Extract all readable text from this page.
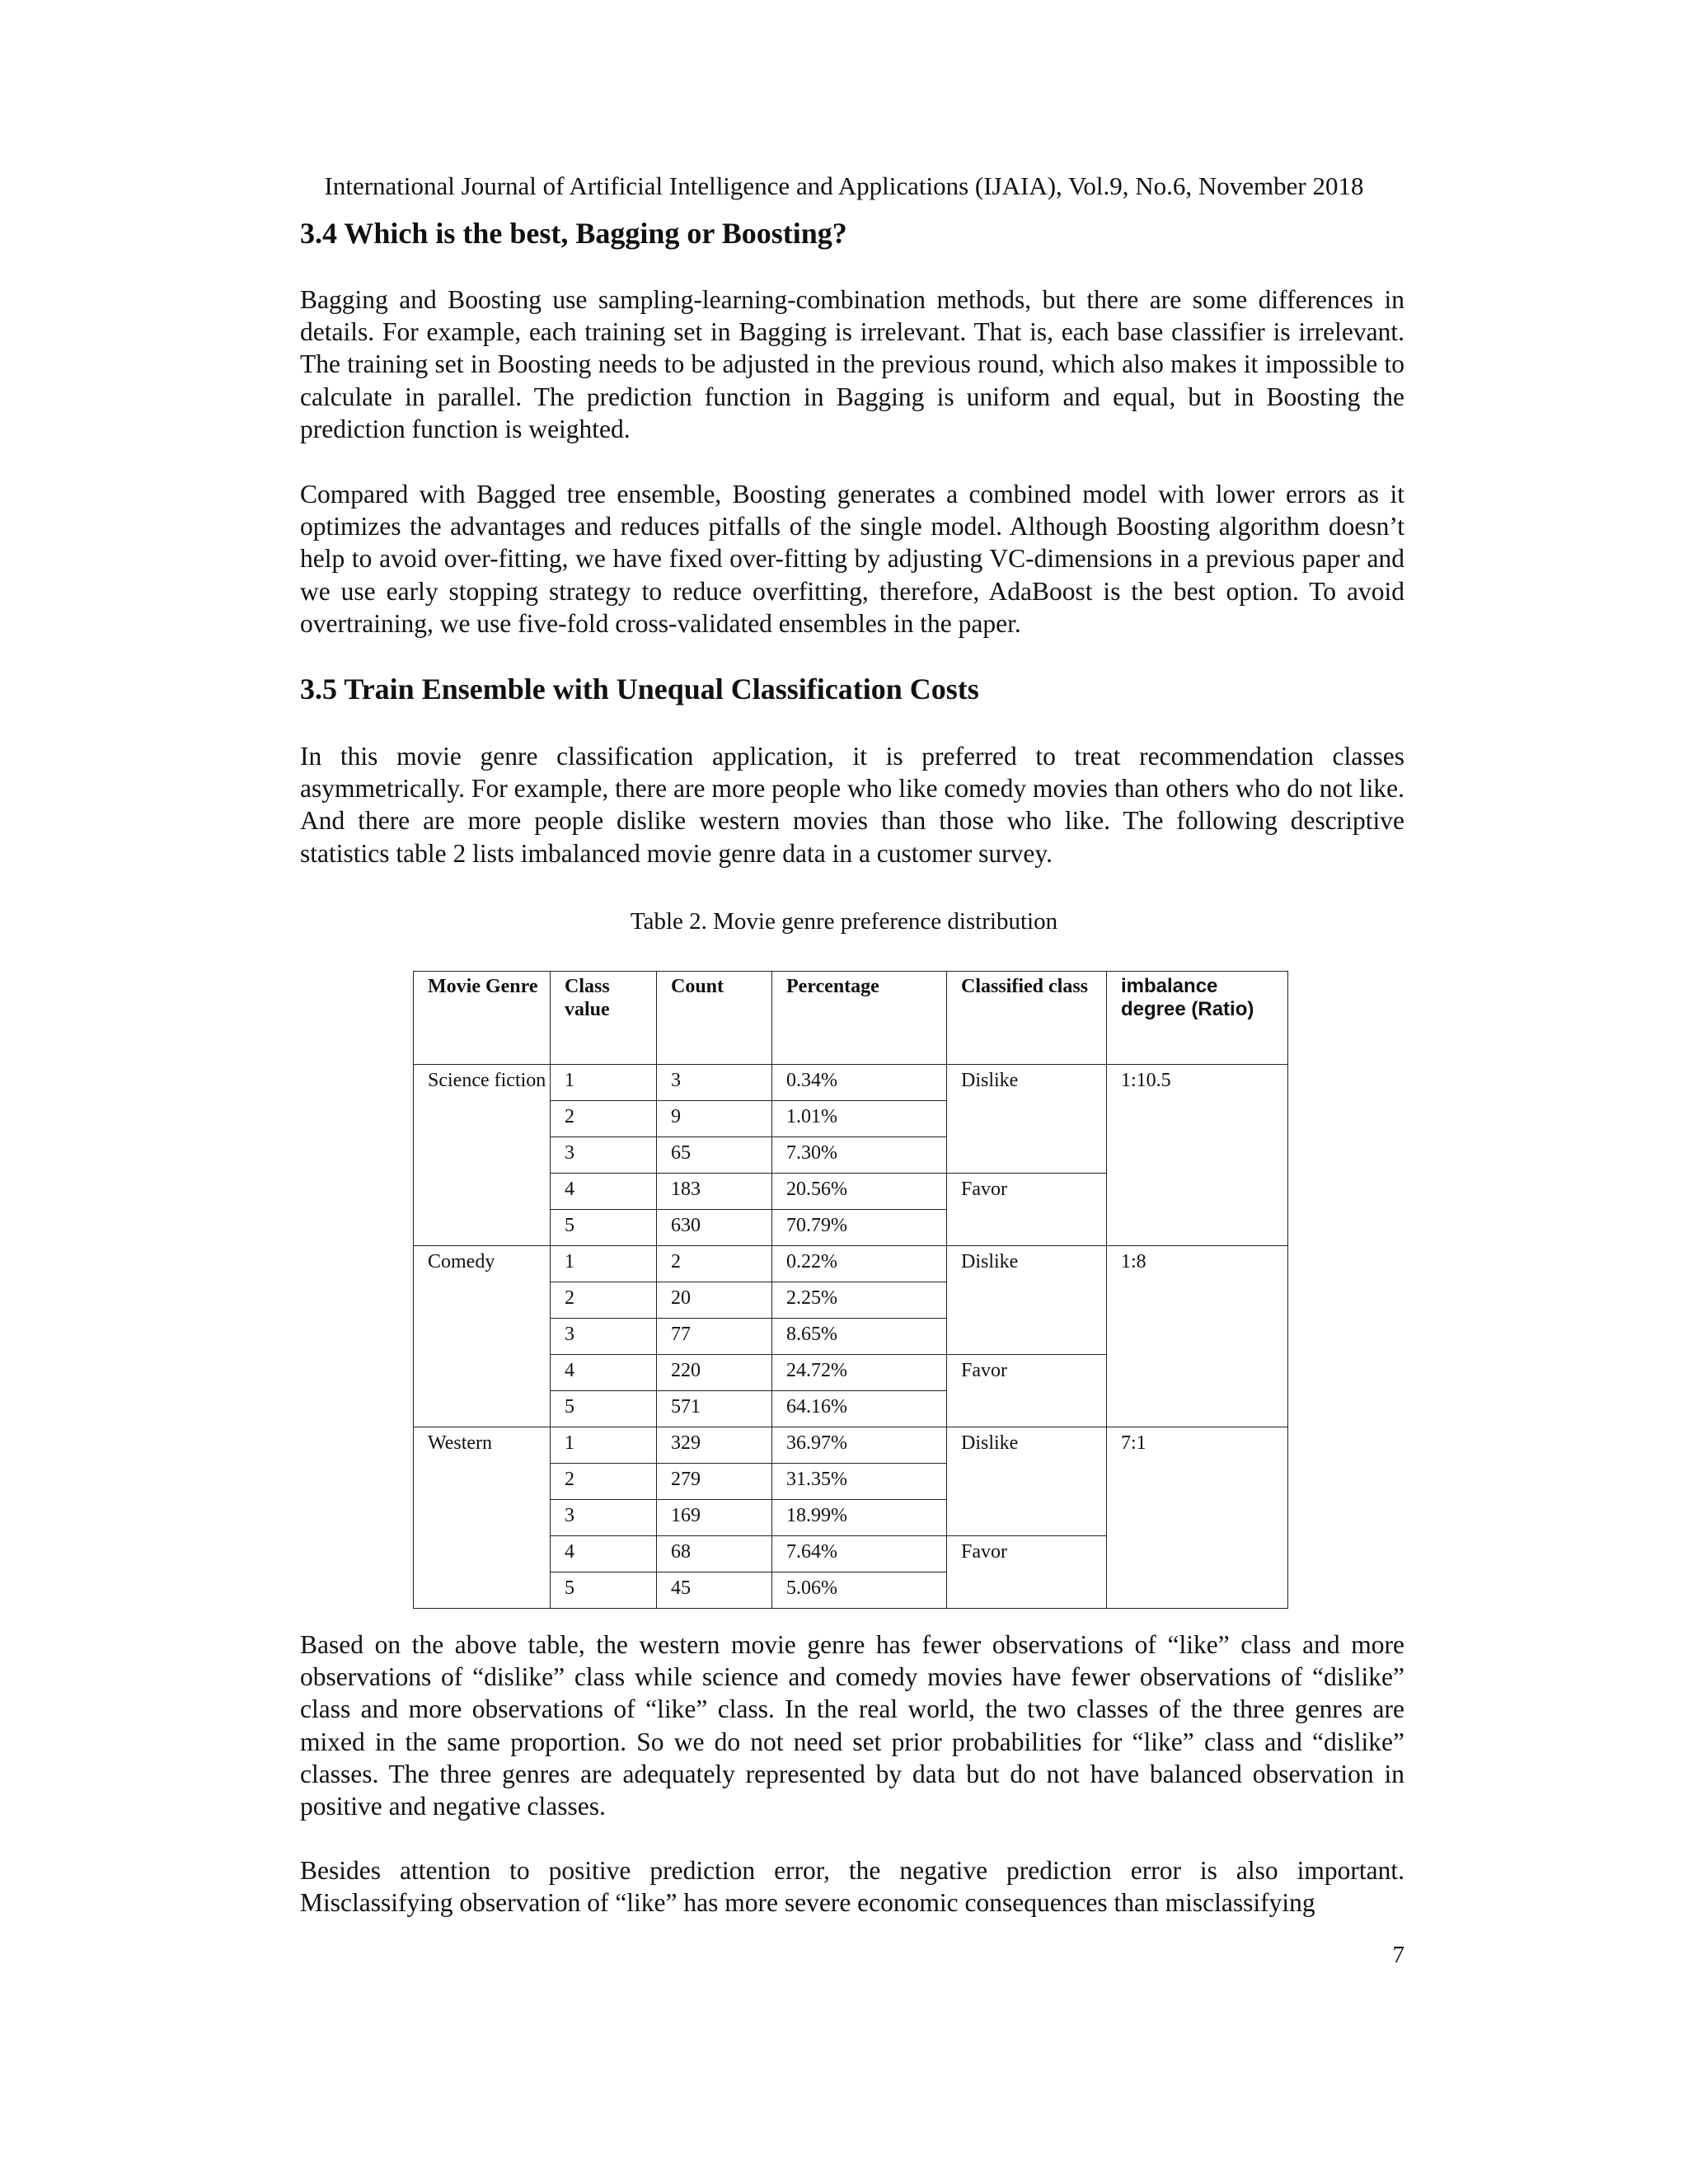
International Journal of Artificial Intelligence and Applications (IJAIA), Vol.9, No.6, November 2018
3.4 Which is the best, Bagging or Boosting?

Bagging and Boosting use sampling-learning-combination methods, but there are some differences in details. For example, each training set in Bagging is irrelevant. That is, each base classifier is irrelevant. The training set in Boosting needs to be adjusted in the previous round, which also makes it impossible to calculate in parallel. The prediction function in Bagging is uniform and equal, but in Boosting the prediction function is weighted.

Compared with Bagged tree ensemble, Boosting generates a combined model with lower errors as it optimizes the advantages and reduces pitfalls of the single model. Although Boosting algorithm doesn’t help to avoid over-fitting, we have fixed over-fitting by adjusting VC-dimensions in a previous paper and we use early stopping strategy to reduce overfitting, therefore, AdaBoost is the best option. To avoid overtraining, we use five-fold cross-validated ensembles in the paper.

3.5 Train Ensemble with Unequal Classification Costs

In this movie genre classification application, it is preferred to treat recommendation classes asymmetrically. For example, there are more people who like comedy movies than others who do not like. And there are more people dislike western movies than those who like. The following descriptive statistics table 2 lists imbalanced movie genre data in a customer survey.

Table 2. Movie genre preference distribution
Movie Genre	Class value	Count	Percentage	Classified class	imbalance degree (Ratio)
Science fiction	1	3	0.34%	Dislike	1:10.5
	2	9	1.01%		
	3	65	7.30%		
	4	183	20.56%	Favor	
	5	630	70.79%		
Comedy	1	2	0.22%	Dislike	1:8
	2	20	2.25%		
	3	77	8.65%		
	4	220	24.72%	Favor	
	5	571	64.16%		
Western	1	329	36.97%	Dislike	7:1
	2	279	31.35%		
	3	169	18.99%		
	4	68	7.64%	Favor	
	5	45	5.06%		

Based on the above table, the western movie genre has fewer observations of “like” class and more observations of “dislike” class while science and comedy movies have fewer observations of “dislike” class and more observations of “like” class. In the real world, the two classes of the three genres are mixed in the same proportion. So we do not need set prior probabilities for “like” class and “dislike” classes. The three genres are adequately represented by data but do not have balanced observation in positive and negative classes.

Besides attention to positive prediction error, the negative prediction error is also important. Misclassifying observation of “like” has more severe economic consequences than misclassifying

7
